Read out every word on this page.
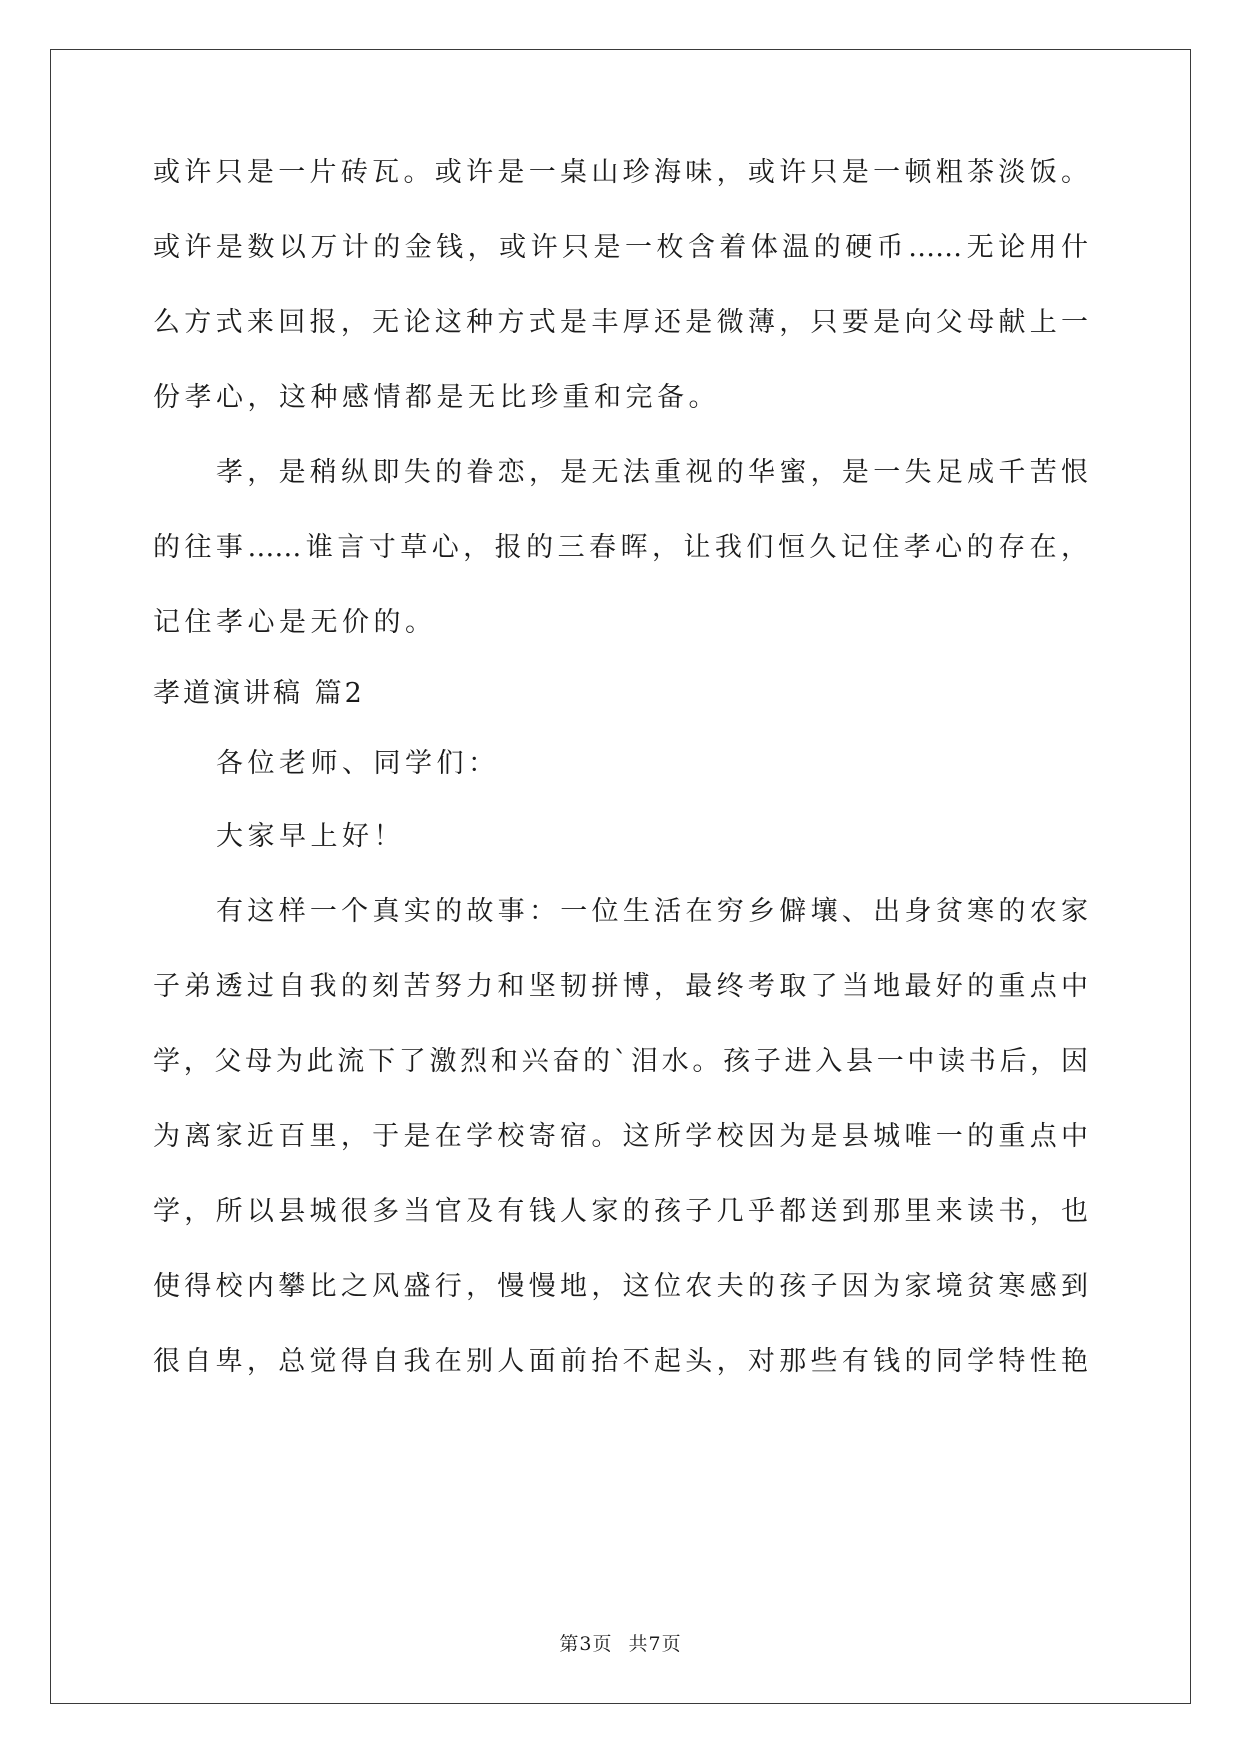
或许只是一片砖瓦。或许是一桌山珍海味，或许只是一顿粗茶淡饭。
或许是数以万计的金钱，或许只是一枚含着体温的硬币……无论用什
么方式来回报，无论这种方式是丰厚还是微薄，只要是向父母献上一
份孝心，这种感情都是无比珍重和完备。
孝，是稍纵即失的眷恋，是无法重视的华蜜，是一失足成千苦恨
的往事……谁言寸草心，报的三春晖，让我们恒久记住孝心的存在，
记住孝心是无价的。
孝道演讲稿 篇2
各位老师、同学们：
大家早上好！
有这样一个真实的故事：一位生活在穷乡僻壤、出身贫寒的农家
子弟透过自我的刻苦努力和坚韧拼博，最终考取了当地最好的重点中
学，父母为此流下了激烈和兴奋的`泪水。孩子进入县一中读书后，因
为离家近百里，于是在学校寄宿。这所学校因为是县城唯一的重点中
学，所以县城很多当官及有钱人家的孩子几乎都送到那里来读书，也
使得校内攀比之风盛行，慢慢地，这位农夫的孩子因为家境贫寒感到
很自卑，总觉得自我在别人面前抬不起头，对那些有钱的同学特性艳
第3页 共7页
